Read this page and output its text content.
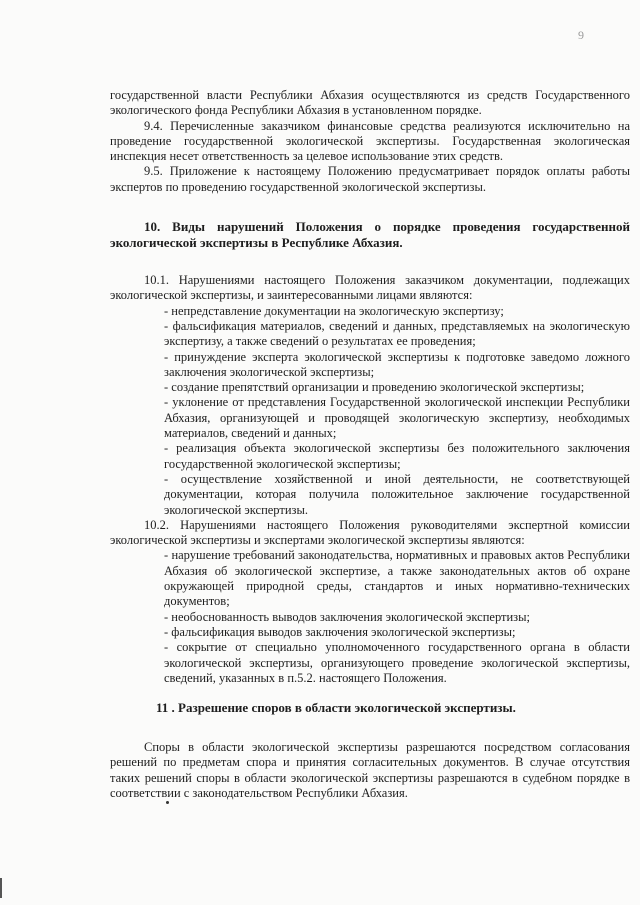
9

государственной власти Республики Абхазия осуществляются из средств Государственного экологического фонда Республики Абхазия в установленном порядке.

9.4. Перечисленные заказчиком финансовые средства реализуются исключительно на проведение государственной экологической экспертизы. Государственная экологическая инспекция несет ответственность за целевое использование этих средств.

9.5. Приложение к настоящему Положению предусматривает порядок оплаты работы экспертов по проведению государственной экологической экспертизы.

10. Виды нарушений Положения о порядке проведения государственной экологической экспертизы в Республике Абхазия.

10.1. Нарушениями настоящего Положения заказчиком документации, подлежащих экологической экспертизы, и заинтересованными лицами являются:

- непредставление документации на экологическую экспертизу;

- фальсификация материалов, сведений и данных, представляемых на экологическую экспертизу, а также сведений о результатах ее проведения;

- принуждение эксперта экологической экспертизы к подготовке заведомо ложного заключения экологической экспертизы;

- создание препятствий организации и проведению экологической экспертизы;

- уклонение от представления Государственной экологической инспекции Республики Абхазия, организующей и проводящей экологическую экспертизу, необходимых материалов, сведений и данных;

- реализация объекта экологической экспертизы без положительного заключения государственной экологической экспертизы;

- осуществление хозяйственной и иной деятельности, не соответствующей документации, которая получила положительное заключение государственной экологической экспертизы.

10.2. Нарушениями настоящего Положения руководителями экспертной комиссии экологической экспертизы и экспертами экологической экспертизы являются:

- нарушение требований законодательства, нормативных и правовых актов Республики Абхазия об экологической экспертизе, а также законодательных актов об охране окружающей природной среды, стандартов и иных нормативно-технических документов;

- необоснованность выводов заключения экологической экспертизы;

- фальсификация выводов заключения экологической экспертизы;

- сокрытие от специально уполномоченного государственного органа в области экологической экспертизы, организующего проведение экологической экспертизы, сведений, указанных в п.5.2. настоящего Положения.

11 . Разрешение споров в области экологической экспертизы.

Споры в области экологической экспертизы разрешаются посредством согласования решений по предметам спора и принятия согласительных документов. В случае отсутствия таких решений споры в области экологической экспертизы разрешаются в судебном порядке в соответствии с законодательством Республики Абхазия.
